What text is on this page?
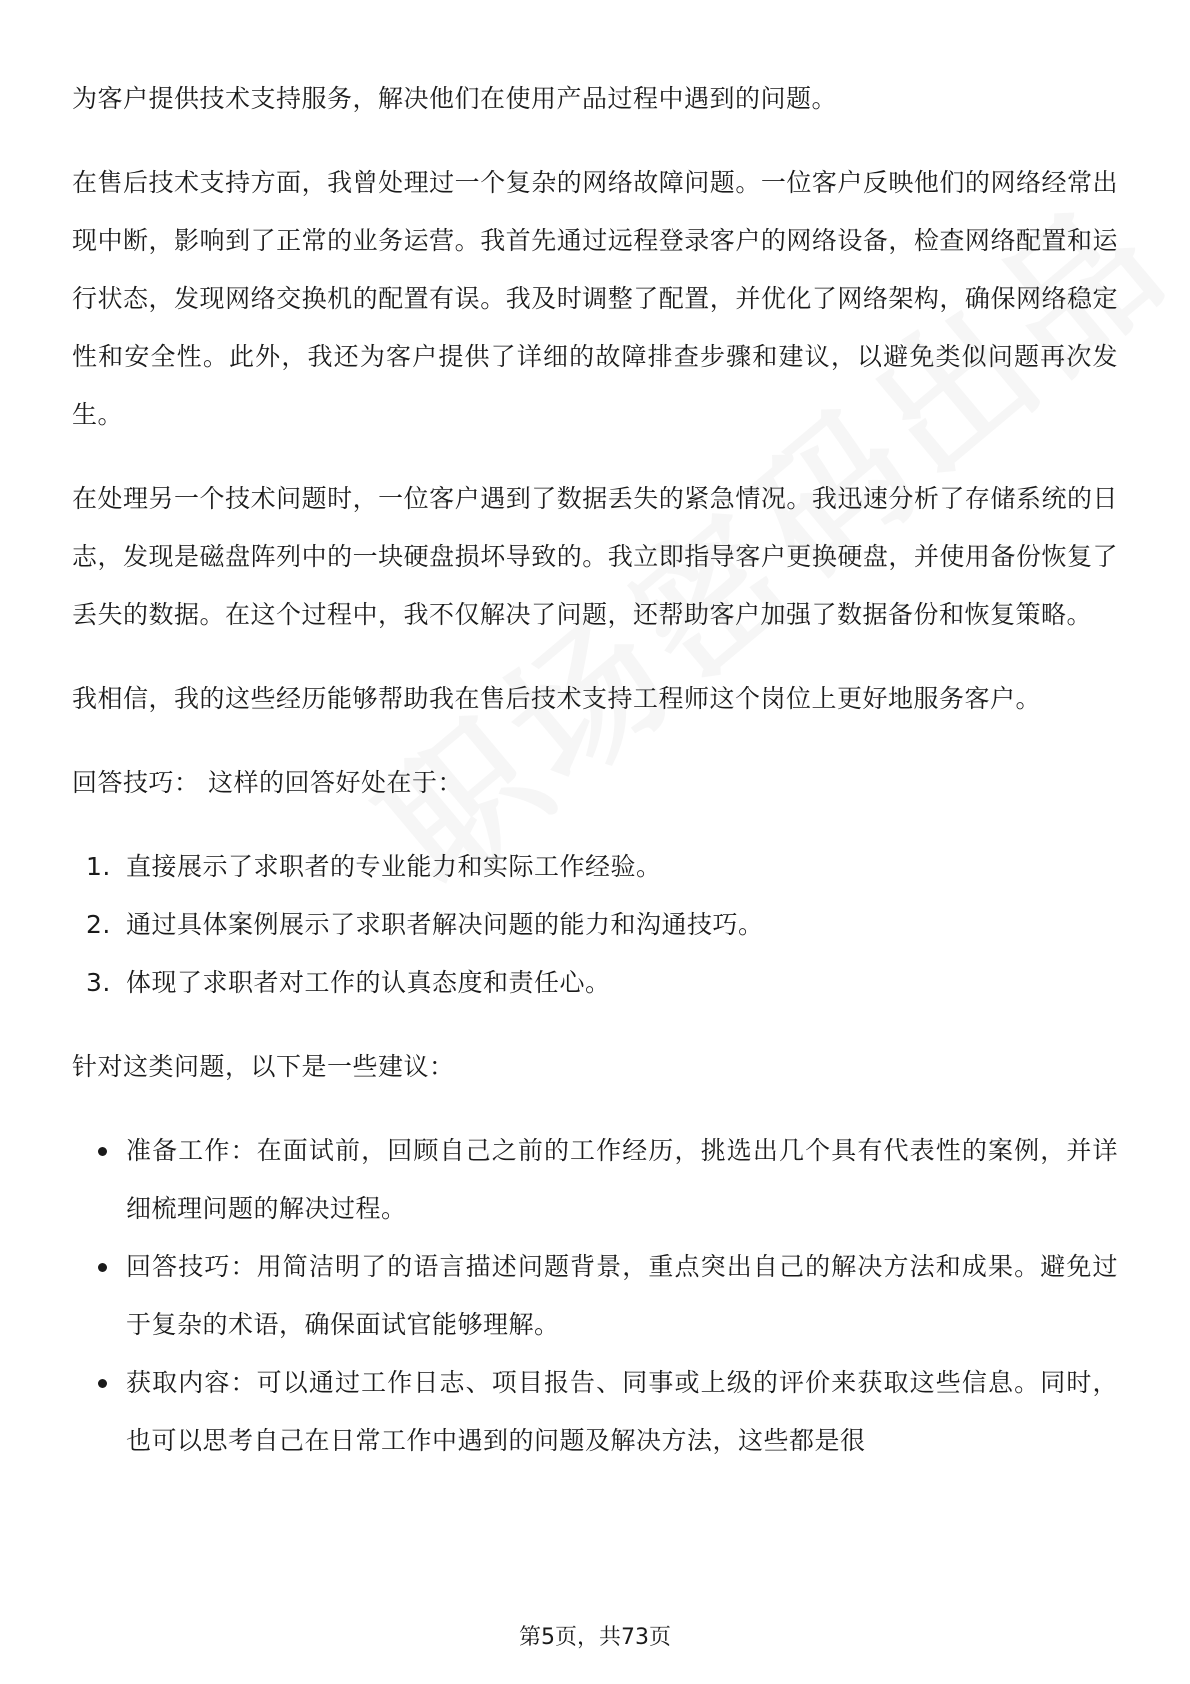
为客户提供技术支持服务，解决他们在使用产品过程中遇到的问题。

在售后技术支持方面，我曾处理过一个复杂的网络故障问题。一位客户反映他们的网络经常出现中断，影响到了正常的业务运营。我首先通过远程登录客户的网络设备，检查网络配置和运行状态，发现网络交换机的配置有误。我及时调整了配置，并优化了网络架构，确保网络稳定性和安全性。此外，我还为客户提供了详细的故障排查步骤和建议，以避免类似问题再次发生。

在处理另一个技术问题时，一位客户遇到了数据丢失的紧急情况。我迅速分析了存储系统的日志，发现是磁盘阵列中的一块硬盘损坏导致的。我立即指导客户更换硬盘，并使用备份恢复了丢失的数据。在这个过程中，我不仅解决了问题，还帮助客户加强了数据备份和恢复策略。

我相信，我的这些经历能够帮助我在售后技术支持工程师这个岗位上更好地服务客户。

回答技巧： 这样的回答好处在于：

1. 直接展示了求职者的专业能力和实际工作经验。
2. 通过具体案例展示了求职者解决问题的能力和沟通技巧。
3. 体现了求职者对工作的认真态度和责任心。

针对这类问题，以下是一些建议：

准备工作：在面试前，回顾自己之前的工作经历，挑选出几个具有代表性的案例，并详细梳理问题的解决过程。
回答技巧：用简洁明了的语言描述问题背景，重点突出自己的解决方法和成果。避免过于复杂的术语，确保面试官能够理解。
获取内容：可以通过工作日志、项目报告、同事或上级的评价来获取这些信息。同时，也可以思考自己在日常工作中遇到的问题及解决方法，这些都是很
第5页，共73页
